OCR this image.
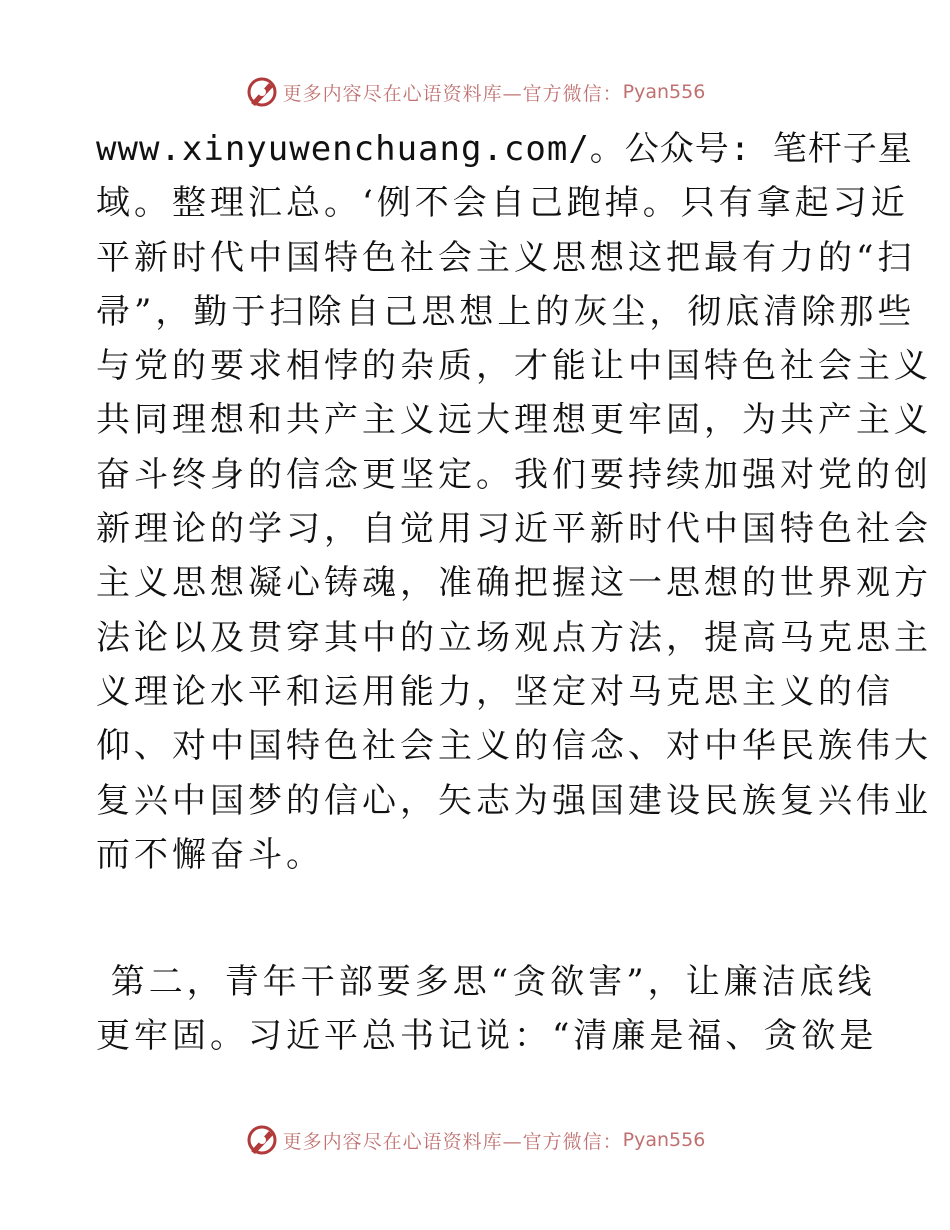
更多内容尽在心语资料库—官方微信： Pyan556
www.xinyuwenchuang.com/。公众号: 笔杆子星
域。整理汇总。‘例不会自己跑掉。只有拿起习近
平新时代中国特色社会主义思想这把最有力的“扫
帚”，勤于扫除自己思想上的灰尘，彻底清除那些
与党的要求相悖的杂质，才能让中国特色社会主义
共同理想和共产主义远大理想更牢固，为共产主义
奋斗终身的信念更坚定。我们要持续加强对党的创
新理论的学习，自觉用习近平新时代中国特色社会
主义思想凝心铸魂，准确把握这一思想的世界观方
法论以及贯穿其中的立场观点方法，提高马克思主
义理论水平和运用能力，坚定对马克思主义的信
仰、对中国特色社会主义的信念、对中华民族伟大
复兴中国梦的信心，矢志为强国建设民族复兴伟业
而不懈奋斗。
第二，青年干部要多思“贪欲害”，让廉洁底线
更牢固。习近平总书记说：“清廉是福、贪欲是
更多内容尽在心语资料库—官方微信： Pyan556
